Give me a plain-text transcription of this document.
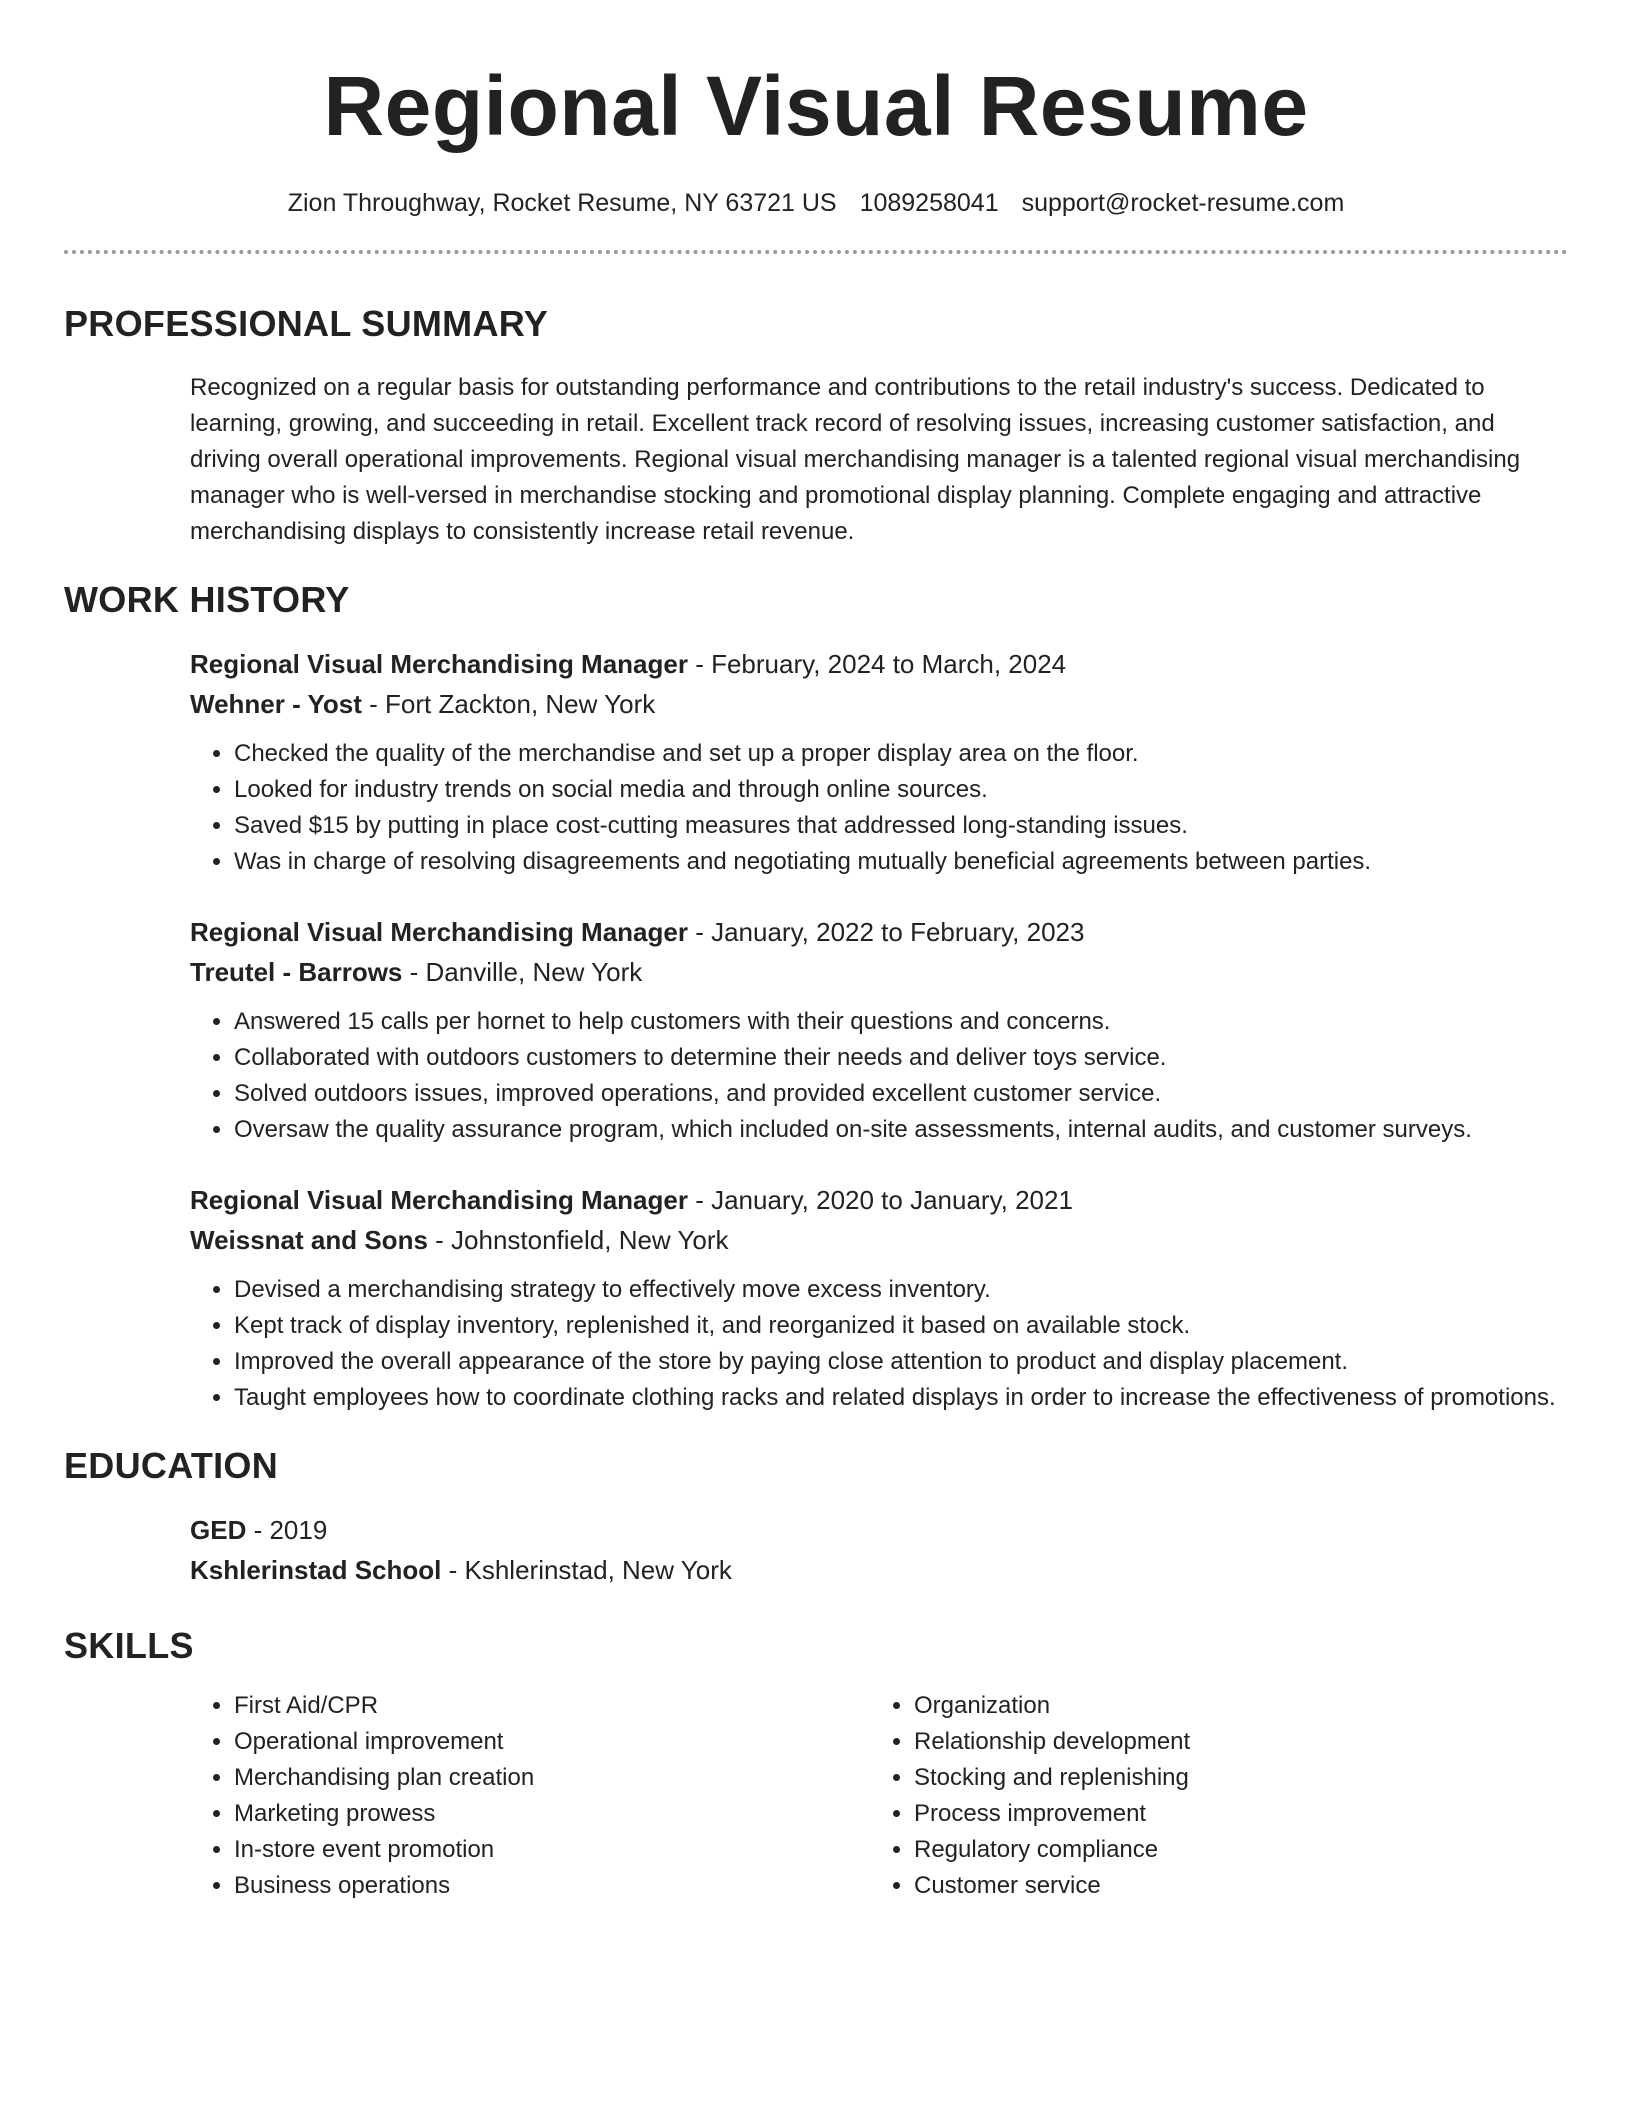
Regional Visual Resume
Zion Throughway, Rocket Resume, NY 63721 US 1089258041 support@rocket-resume.com
PROFESSIONAL SUMMARY
Recognized on a regular basis for outstanding performance and contributions to the retail industry's success. Dedicated to learning, growing, and succeeding in retail. Excellent track record of resolving issues, increasing customer satisfaction, and driving overall operational improvements. Regional visual merchandising manager is a talented regional visual merchandising manager who is well-versed in merchandise stocking and promotional display planning. Complete engaging and attractive merchandising displays to consistently increase retail revenue.
WORK HISTORY
Regional Visual Merchandising Manager - February, 2024 to March, 2024
Wehner - Yost - Fort Zackton, New York
• Checked the quality of the merchandise and set up a proper display area on the floor.
• Looked for industry trends on social media and through online sources.
• Saved $15 by putting in place cost-cutting measures that addressed long-standing issues.
• Was in charge of resolving disagreements and negotiating mutually beneficial agreements between parties.
Regional Visual Merchandising Manager - January, 2022 to February, 2023
Treutel - Barrows - Danville, New York
• Answered 15 calls per hornet to help customers with their questions and concerns.
• Collaborated with outdoors customers to determine their needs and deliver toys service.
• Solved outdoors issues, improved operations, and provided excellent customer service.
• Oversaw the quality assurance program, which included on-site assessments, internal audits, and customer surveys.
Regional Visual Merchandising Manager - January, 2020 to January, 2021
Weissnat and Sons - Johnstonfield, New York
• Devised a merchandising strategy to effectively move excess inventory.
• Kept track of display inventory, replenished it, and reorganized it based on available stock.
• Improved the overall appearance of the store by paying close attention to product and display placement.
• Taught employees how to coordinate clothing racks and related displays in order to increase the effectiveness of promotions.
EDUCATION
GED - 2019
Kshlerinstad School - Kshlerinstad, New York
SKILLS
• First Aid/CPR
• Operational improvement
• Merchandising plan creation
• Marketing prowess
• In-store event promotion
• Business operations
• Organization
• Relationship development
• Stocking and replenishing
• Process improvement
• Regulatory compliance
• Customer service
